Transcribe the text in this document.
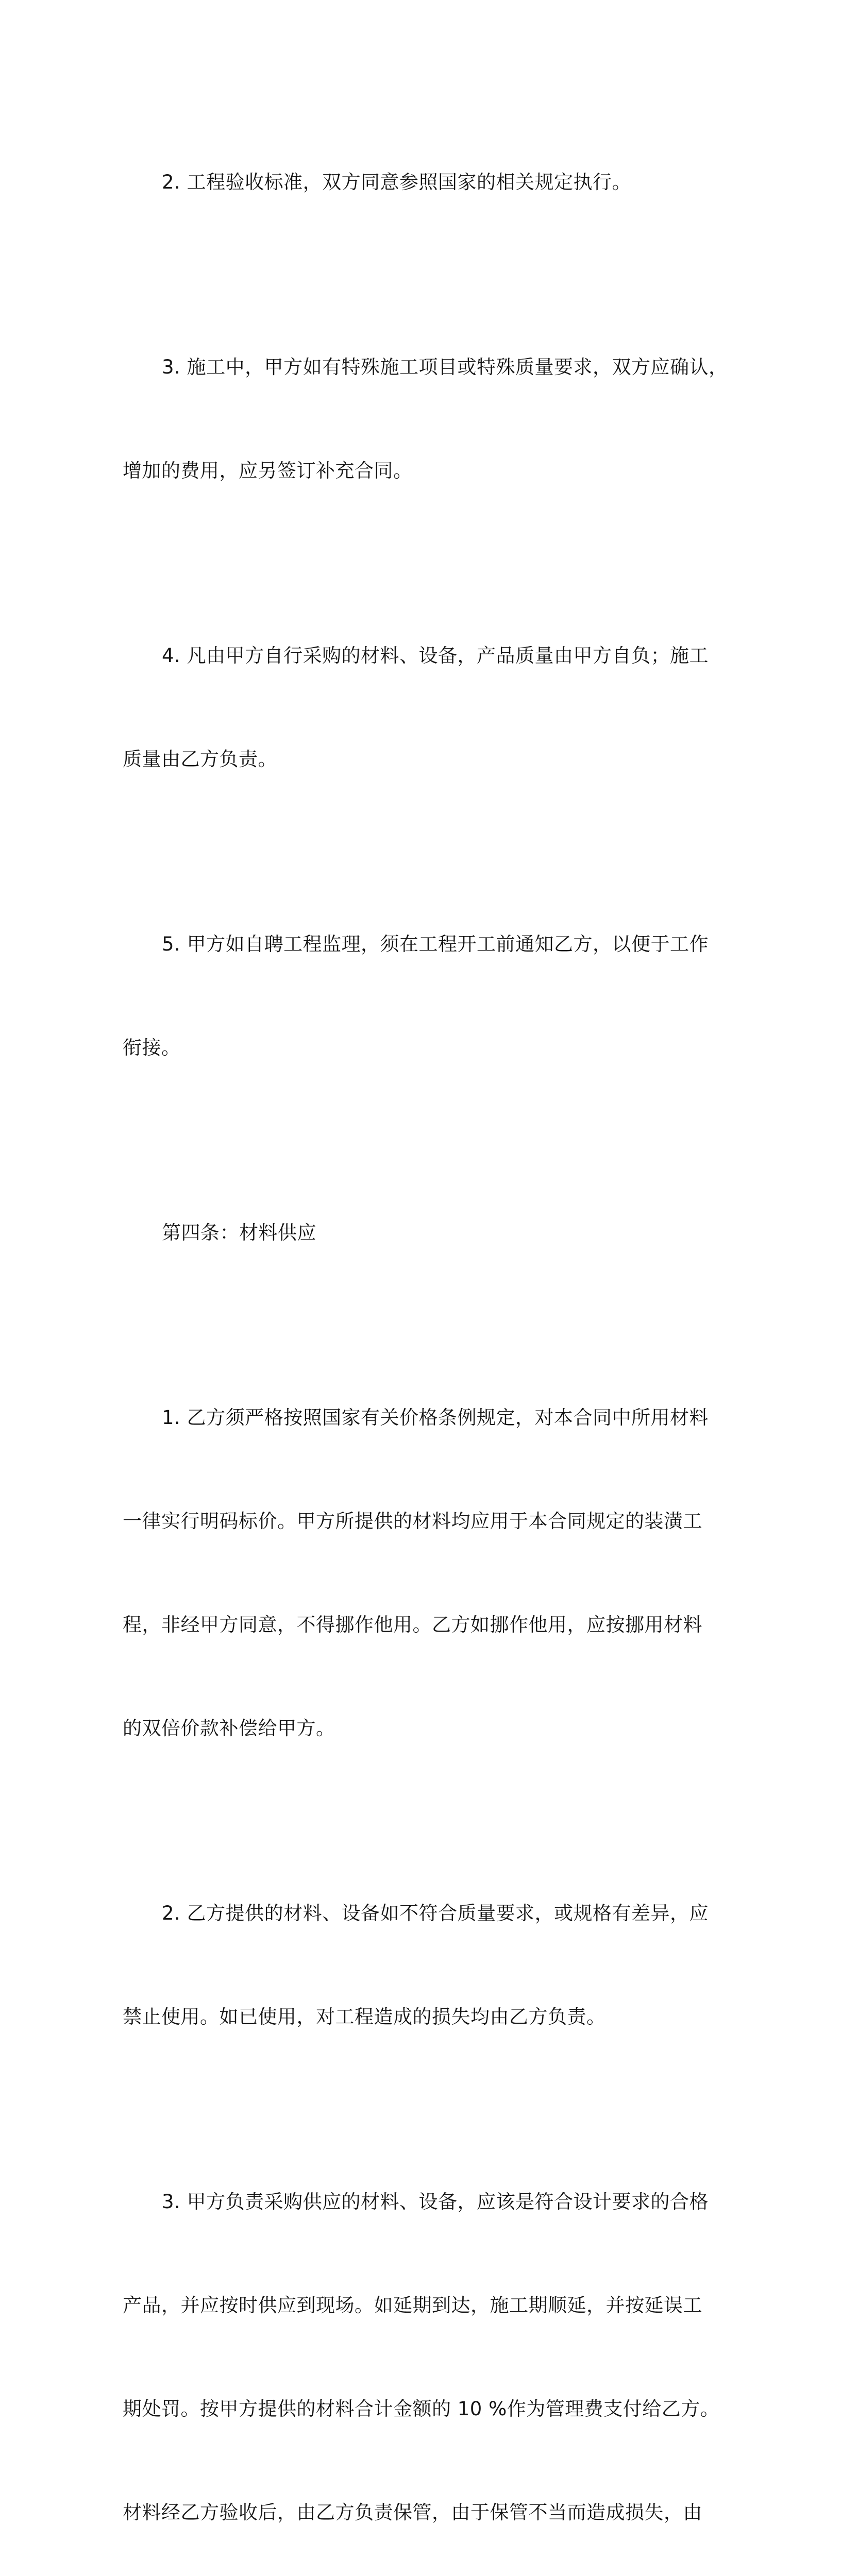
2. 工程验收标准，双方同意参照国家的相关规定执行。

3. 施工中，甲方如有特殊施工项目或特殊质量要求，双方应确认，

增加的费用，应另签订补充合同。

4. 凡由甲方自行采购的材料、设备，产品质量由甲方自负；施工

质量由乙方负责。

5. 甲方如自聘工程监理，须在工程开工前通知乙方，以便于工作

衔接。

第四条：材料供应

1. 乙方须严格按照国家有关价格条例规定，对本合同中所用材料

一律实行明码标价。甲方所提供的材料均应用于本合同规定的装潢工

程，非经甲方同意，不得挪作他用。乙方如挪作他用，应按挪用材料

的双倍价款补偿给甲方。

2. 乙方提供的材料、设备如不符合质量要求，或规格有差异，应

禁止使用。如已使用，对工程造成的损失均由乙方负责。

3. 甲方负责采购供应的材料、设备，应该是符合设计要求的合格

产品，并应按时供应到现场。如延期到达，施工期顺延，并按延误工

期处罚。按甲方提供的材料合计金额的 10 %作为管理费支付给乙方。

材料经乙方验收后，由乙方负责保管，由于保管不当而造成损失，由
